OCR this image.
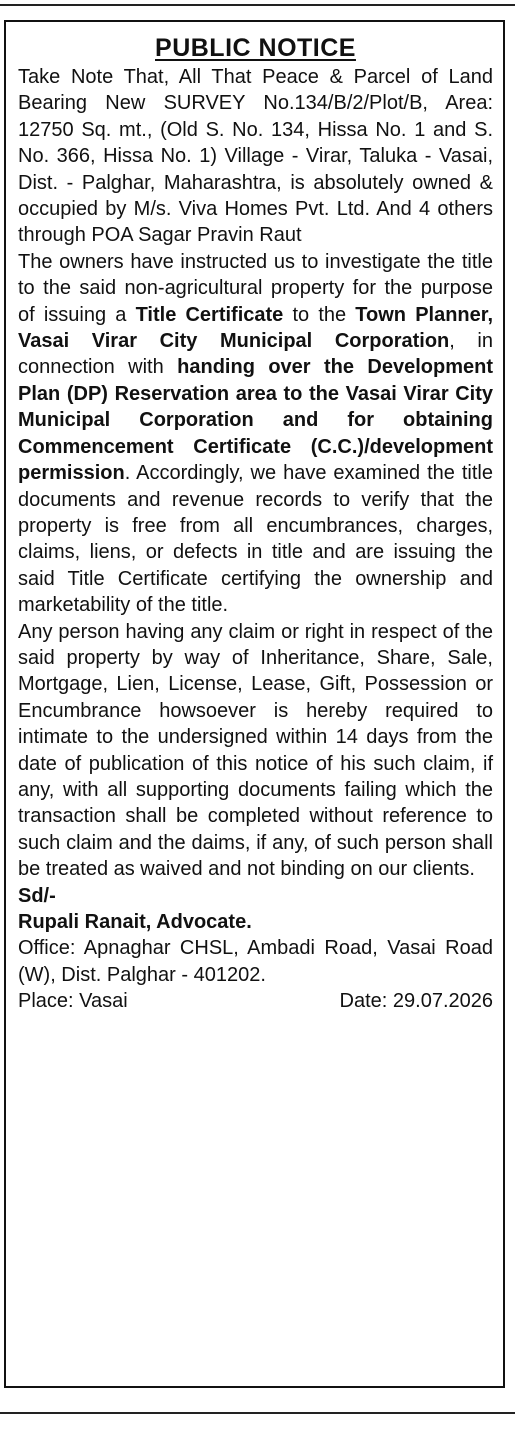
PUBLIC NOTICE

Take Note That, All That Peace & Parcel of Land Bearing New SURVEY No.134/B/2/Plot/B, Area: 12750 Sq. mt., (Old S. No. 134, Hissa No. 1 and S. No. 366, Hissa No. 1) Village - Virar, Taluka - Vasai, Dist. - Palghar, Maharashtra, is absolutely owned & occupied by M/s. Viva Homes Pvt. Ltd. And 4 others through POA Sagar Pravin Raut

The owners have instructed us to investigate the title to the said non-agricultural property for the purpose of issuing a Title Certificate to the Town Planner, Vasai Virar City Municipal Corporation, in connection with handing over the Development Plan (DP) Reservation area to the Vasai Virar City Municipal Corporation and for obtaining Commencement Certificate (C.C.)/development permission. Accordingly, we have examined the title documents and revenue records to verify that the property is free from all encumbrances, charges, claims, liens, or defects in title and are issuing the said Title Certificate certifying the ownership and marketability of the title.

Any person having any claim or right in respect of the said property by way of Inheritance, Share, Sale, Mortgage, Lien, License, Lease, Gift, Possession or Encumbrance howsoever is hereby required to intimate to the undersigned within 14 days from the date of publication of this notice of his such claim, if any, with all supporting documents failing which the transaction shall be completed without reference to such claim and the daims, if any, of such person shall be treated as waived and not binding on our clients.

Sd/-

Rupali Ranait, Advocate.

Office: Apnaghar CHSL, Ambadi Road, Vasai Road (W), Dist. Palghar - 401202.

Place: Vasai	Date: 29.07.2026
